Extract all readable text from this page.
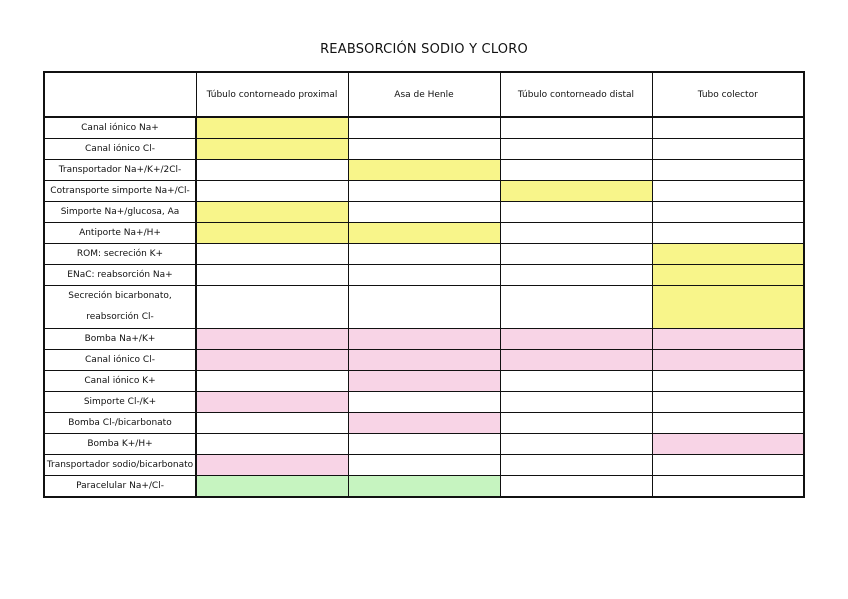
REABSORCIÓN SODIO Y CLORO
	Túbulo contorneado proximal	Asa de Henle	Túbulo contorneado distal	Tubo colector
Canal iónico Na+				
Canal iónico Cl-				
Transportador Na+/K+/2Cl-				
Cotransporte simporte Na+/Cl-				
Simporte Na+/glucosa, Aa				
Antiporte Na+/H+				
ROM: secreción K+				
ENaC: reabsorción Na+				
Secreción bicarbonato, reabsorción Cl-				
Bomba Na+/K+				
Canal iónico Cl-				
Canal iónico K+				
Simporte Cl-/K+				
Bomba Cl-/bicarbonato				
Bomba K+/H+				
Transportador sodio/bicarbonato				
Paracelular Na+/Cl-				
